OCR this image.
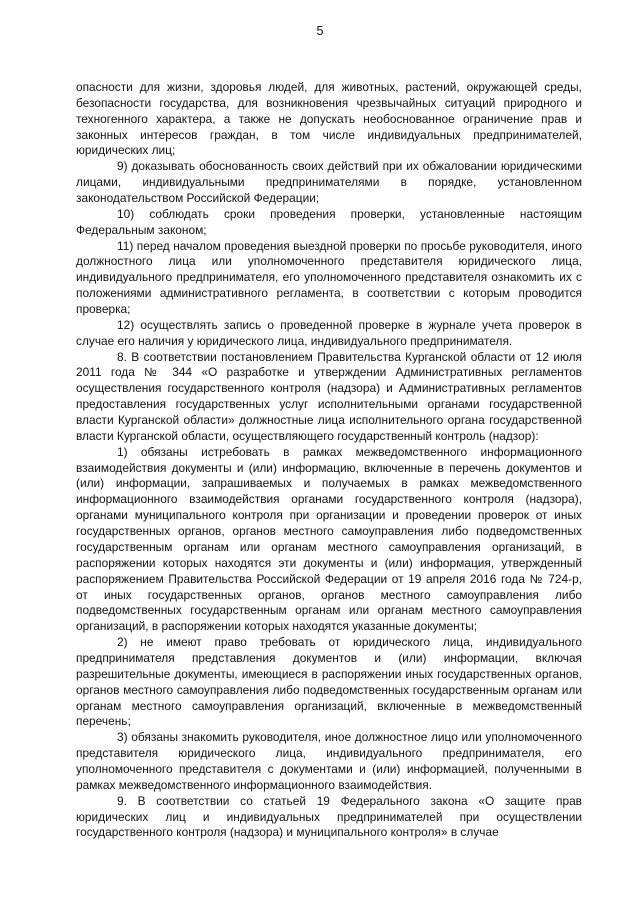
5

опасности для жизни, здоровья людей, для животных, растений, окружающей среды, безопасности государства, для возникновения чрезвычайных ситуаций природного и техногенного характера, а также не допускать необоснованное ограничение прав и законных интересов граждан, в том числе индивидуальных предпринимателей, юридических лиц;

9) доказывать обоснованность своих действий при их обжаловании юридическими лицами, индивидуальными предпринимателями в порядке, установленном законодательством Российской Федерации;

10) соблюдать сроки проведения проверки, установленные настоящим Федеральным законом;

11) перед началом проведения выездной проверки по просьбе руководителя, иного должностного лица или уполномоченного представителя юридического лица, индивидуального предпринимателя, его уполномоченного представителя ознакомить их с положениями административного регламента, в соответствии с которым проводится проверка;

12) осуществлять запись о проведенной проверке в журнале учета проверок в случае его наличия у юридического лица, индивидуального предпринимателя.

8. В соответствии постановлением Правительства Курганской области от 12 июля 2011 года № 344 «О разработке и утверждении Административных регламентов осуществления государственного контроля (надзора) и Административных регламентов предоставления государственных услуг исполнительными органами государственной власти Курганской области» должностные лица исполнительного органа государственной власти Курганской области, осуществляющего государственный контроль (надзор):

1) обязаны истребовать в рамках межведомственного информационного взаимодействия документы и (или) информацию, включенные в перечень документов и (или) информации, запрашиваемых и получаемых в рамках межведомственного информационного взаимодействия органами государственного контроля (надзора), органами муниципального контроля при организации и проведении проверок от иных государственных органов, органов местного самоуправления либо подведомственных государственным органам или органам местного самоуправления организаций, в распоряжении которых находятся эти документы и (или) информация, утвержденный распоряжением Правительства Российской Федерации от 19 апреля 2016 года № 724-р, от иных государственных органов, органов местного самоуправления либо подведомственных государственным органам или органам местного самоуправления организаций, в распоряжении которых находятся указанные документы;

2) не имеют право требовать от юридического лица, индивидуального предпринимателя представления документов и (или) информации, включая разрешительные документы, имеющиеся в распоряжении иных государственных органов, органов местного самоуправления либо подведомственных государственным органам или органам местного самоуправления организаций, включенные в межведомственный перечень;

3) обязаны знакомить руководителя, иное должностное лицо или уполномоченного представителя юридического лица, индивидуального предпринимателя, его уполномоченного представителя с документами и (или) информацией, полученными в рамках межведомственного информационного взаимодействия.

9. В соответствии со статьей 19 Федерального закона «О защите прав юридических лиц и индивидуальных предпринимателей при осуществлении государственного контроля (надзора) и муниципального контроля» в случае
